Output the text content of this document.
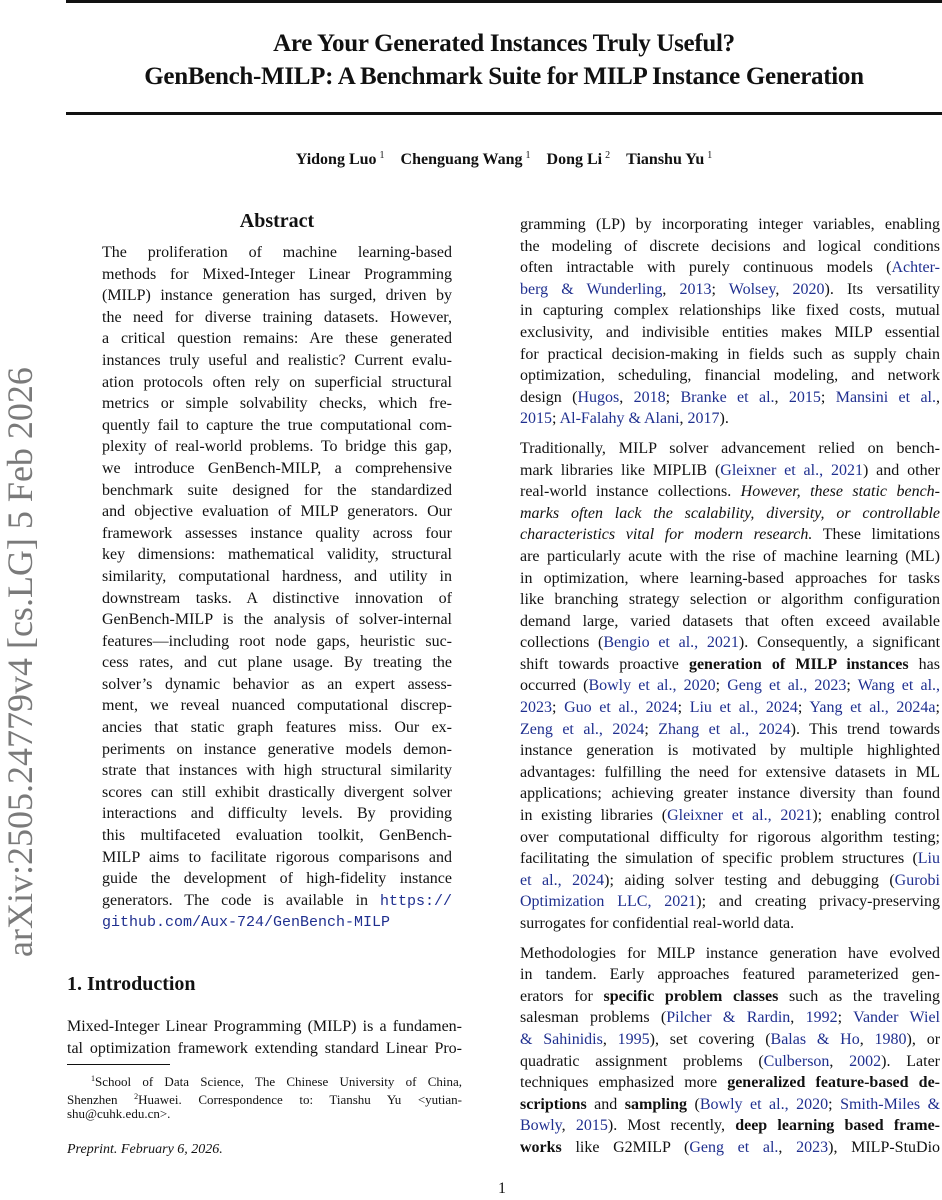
Are Your Generated Instances Truly Useful?
GenBench-MILP: A Benchmark Suite for MILP Instance Generation
Yidong Luo $^1$ Chenguang Wang $^1$ Dong Li $^2$ Tianshu Yu $^1$
arXiv:2505.24779v4 [cs.LG] 5 Feb 2026
Abstract
The proliferation of machine learning-based
methods for Mixed-Integer Linear Programming
(MILP) instance generation has surged, driven by
the need for diverse training datasets. However,
a critical question remains: Are these generated
instances truly useful and realistic? Current evalu-
ation protocols often rely on superficial structural
metrics or simple solvability checks, which fre-
quently fail to capture the true computational com-
plexity of real-world problems. To bridge this gap,
we introduce GenBench-MILP, a comprehensive
benchmark suite designed for the standardized
and objective evaluation of MILP generators. Our
framework assesses instance quality across four
key dimensions: mathematical validity, structural
similarity, computational hardness, and utility in
downstream tasks. A distinctive innovation of
GenBench-MILP is the analysis of solver-internal
features—including root node gaps, heuristic suc-
cess rates, and cut plane usage. By treating the
solver’s dynamic behavior as an expert assess-
ment, we reveal nuanced computational discrep-
ancies that static graph features miss. Our ex-
periments on instance generative models demon-
strate that instances with high structural similarity
scores can still exhibit drastically divergent solver
interactions and difficulty levels. By providing
this multifaceted evaluation toolkit, GenBench-
MILP aims to facilitate rigorous comparisons and
guide the development of high-fidelity instance
generators. The code is available in https://
github.com/Aux-724/GenBench-MILP
1. Introduction
Mixed-Integer Linear Programming (MILP) is a fundamen-
tal optimization framework extending standard Linear Pro-
$^1$School of Data Science, The Chinese University of China,
Shenzhen $^2$Huawei. Correspondence to: Tianshu Yu <yutian-
shu@cuhk.edu.cn>.
Preprint. February 6, 2026.
gramming (LP) by incorporating integer variables, enabling
the modeling of discrete decisions and logical conditions
often intractable with purely continuous models (Achter-
berg & Wunderling, 2013; Wolsey, 2020). Its versatility
in capturing complex relationships like fixed costs, mutual
exclusivity, and indivisible entities makes MILP essential
for practical decision-making in fields such as supply chain
optimization, scheduling, financial modeling, and network
design (Hugos, 2018; Branke et al., 2015; Mansini et al.,
2015; Al-Falahy & Alani, 2017).
Traditionally, MILP solver advancement relied on bench-
mark libraries like MIPLIB (Gleixner et al., 2021) and other
real-world instance collections. However, these static bench-
marks often lack the scalability, diversity, or controllable
characteristics vital for modern research. These limitations
are particularly acute with the rise of machine learning (ML)
in optimization, where learning-based approaches for tasks
like branching strategy selection or algorithm configuration
demand large, varied datasets that often exceed available
collections (Bengio et al., 2021). Consequently, a significant
shift towards proactive generation of MILP instances has
occurred (Bowly et al., 2020; Geng et al., 2023; Wang et al.,
2023; Guo et al., 2024; Liu et al., 2024; Yang et al., 2024a;
Zeng et al., 2024; Zhang et al., 2024). This trend towards
instance generation is motivated by multiple highlighted
advantages: fulfilling the need for extensive datasets in ML
applications; achieving greater instance diversity than found
in existing libraries (Gleixner et al., 2021); enabling control
over computational difficulty for rigorous algorithm testing;
facilitating the simulation of specific problem structures (Liu
et al., 2024); aiding solver testing and debugging (Gurobi
Optimization LLC, 2021); and creating privacy-preserving
surrogates for confidential real-world data.
Methodologies for MILP instance generation have evolved
in tandem. Early approaches featured parameterized gen-
erators for specific problem classes such as the traveling
salesman problems (Pilcher & Rardin, 1992; Vander Wiel
& Sahinidis, 1995), set covering (Balas & Ho, 1980), or
quadratic assignment problems (Culberson, 2002). Later
techniques emphasized more generalized feature-based de-
scriptions and sampling (Bowly et al., 2020; Smith-Miles &
Bowly, 2015). Most recently, deep learning based frame-
works like G2MILP (Geng et al., 2023), MILP-StuDio
1
